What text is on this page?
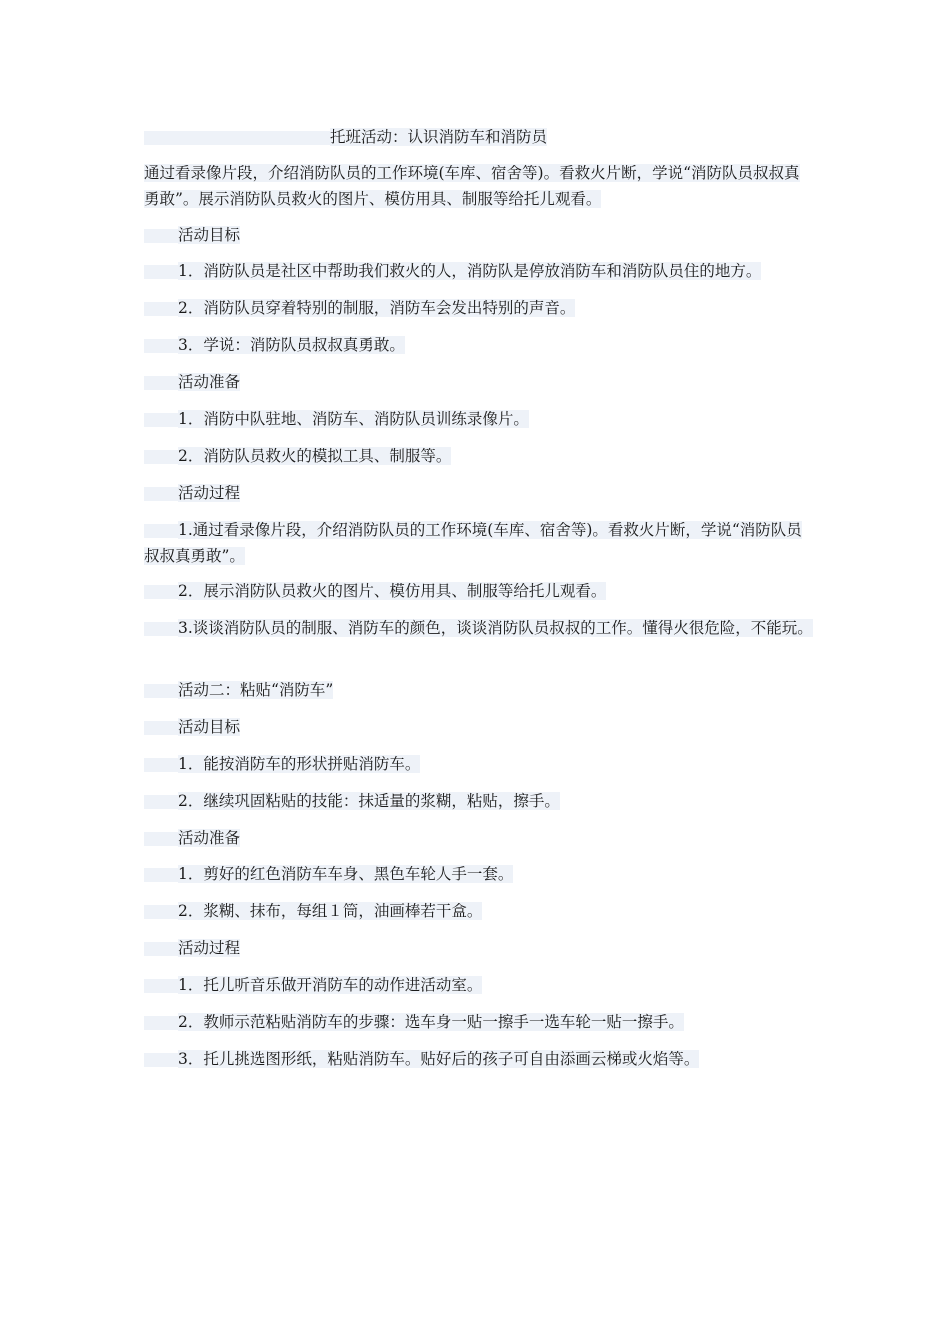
托班活动：认识消防车和消防员
通过看录像片段，介绍消防队员的工作环境(车库、宿舍等)。看救火片断，学说“消防队员叔叔真勇敢”。展示消防队员救火的图片、模仿用具、制服等给托儿观看。
活动目标
1．消防队员是社区中帮助我们救火的人，消防队是停放消防车和消防队员住的地方。
2．消防队员穿着特别的制服，消防车会发出特别的声音。
3．学说：消防队员叔叔真勇敢。
活动准备
1．消防中队驻地、消防车、消防队员训练录像片。
2．消防队员救火的模拟工具、制服等。
活动过程
1.通过看录像片段，介绍消防队员的工作环境(车库、宿舍等)。看救火片断，学说“消防队员叔叔真勇敢”。
2．展示消防队员救火的图片、模仿用具、制服等给托儿观看。
3.谈谈消防队员的制服、消防车的颜色，谈谈消防队员叔叔的工作。懂得火很危险，不能玩。
活动二：粘贴“消防车”
活动目标
1．能按消防车的形状拼贴消防车。
2．继续巩固粘贴的技能：抹适量的浆糊，粘贴，擦手。
活动准备
1．剪好的红色消防车车身、黑色车轮人手一套。
2．浆糊、抹布，每组１筒，油画棒若干盒。
活动过程
1．托儿听音乐做开消防车的动作进活动室。
2．教师示范粘贴消防车的步骤：选车身一贴一擦手一选车轮一贴一擦手。
3．托儿挑选图形纸，粘贴消防车。贴好后的孩子可自由添画云梯或火焰等。
